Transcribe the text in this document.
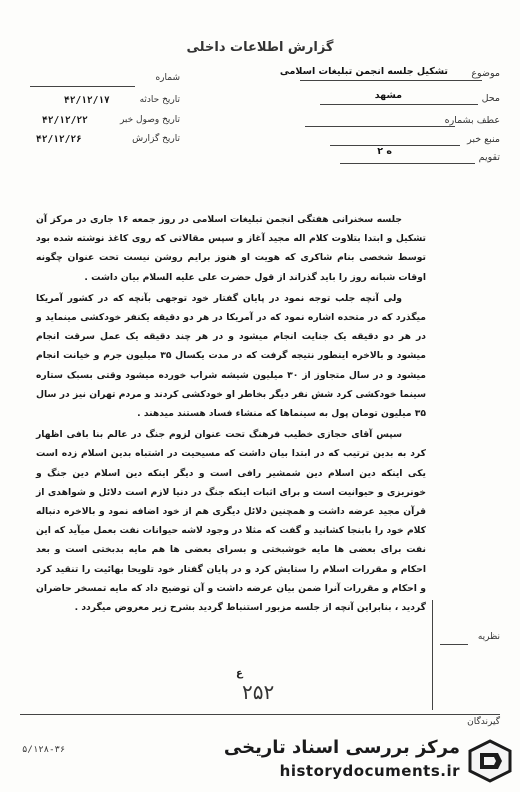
گزارش اطلاعات داخلی
موضوع
تشکیل جلسه انجمن تبلیغات اسلامی
محل
مشهد
عطف بشماره
منبع خبر
تقویم
ه ۲
شماره
تاریخ حادثه
۴۲/۱۲/۱۷
تاریخ وصول خبر
۴۲/۱۲/۲۲
تاریخ گزارش
۴۲/۱۲/۲۶

جلسه سخنرانی هفتگی انجمن تبلیغات اسلامی در روز جمعه ۱۶ جاری در مرکز آن تشکیل و ابتدا بتلاوت کلام اله مجید آغاز و سپس مقالاتی که روی کاغذ نوشته شده بود توسط شخصی بنام شاکری که هویت او هنوز برایم روشن نیست تحت عنوان چگونه اوقات شبانه روز را باید گذراند از قول حضرت علی علیه السلام بیان داشت .

ولی آنچه جلب توجه نمود در پایان گفتار خود توجهی بآنچه که در کشور آمریکا میگذرد که در متحده اشاره نمود که در آمریکا در هر دو دقیقه یکنفر خودکشی مینماید و در هر دو دقیقه یک جنایت انجام میشود و در هر چند دقیقه یک عمل سرقت انجام میشود و بالاخره اینطور نتیجه گرفت که در مدت یکسال ۳۵ میلیون جرم و خیانت انجام میشود و در سال متجاوز از ۳۰ میلیون شیشه شراب خورده میشود وقتی بسبک ستاره سینما خودکشی کرد شش نفر دیگر بخاطر او خودکشی کردند و مردم تهران نیز در سال ۳۵ میلیون تومان پول به سینماها که منشاء فساد هستند میدهند .

سپس آقای حجازی خطیب فرهنگ تحت عنوان لزوم جنگ در عالم بنا بافی اظهار کرد به بدین ترتیب که در ابتدا بیان داشت که مسیحیت در اشتباه بدین اسلام زده است یکی اینکه دین اسلام دین شمشیر رافی است و دیگر اینکه دین اسلام دین جنگ و خونریزی و حیوانیت است و برای اثبات اینکه جنگ در دنیا لازم است دلائل و شواهدی از قرآن مجید عرضه داشت و همچنین دلائل دیگری هم از خود اضافه نمود و بالاخره دنباله کلام خود را بابنجا کشانید و گفت که مثلا در وجود لاشه حیوانات نفت بعمل میآید که این نفت برای بعضی ها مایه خوشبختی و بسرای بعضی ها هم مایه بدبختی است و بعد احکام و مقررات اسلام را ستایش کرد و در پایان گفتار خود تلویحا بهائیت را تنقید کرد و احکام و مقررات آنرا ضمن بیان عرضه داشت و آن توضیح داد که مایه تمسخر حاضران گردید ، بنابراین آنچه از جلسه مزبور استنباط گردید بشرح زیر معروض میگردد .

نظریه
ع
۲۵۲
گیرندگان
۵/۱۲۸-۳۶	مرکز بررسی اسناد تاریخی
historydocuments.ir
